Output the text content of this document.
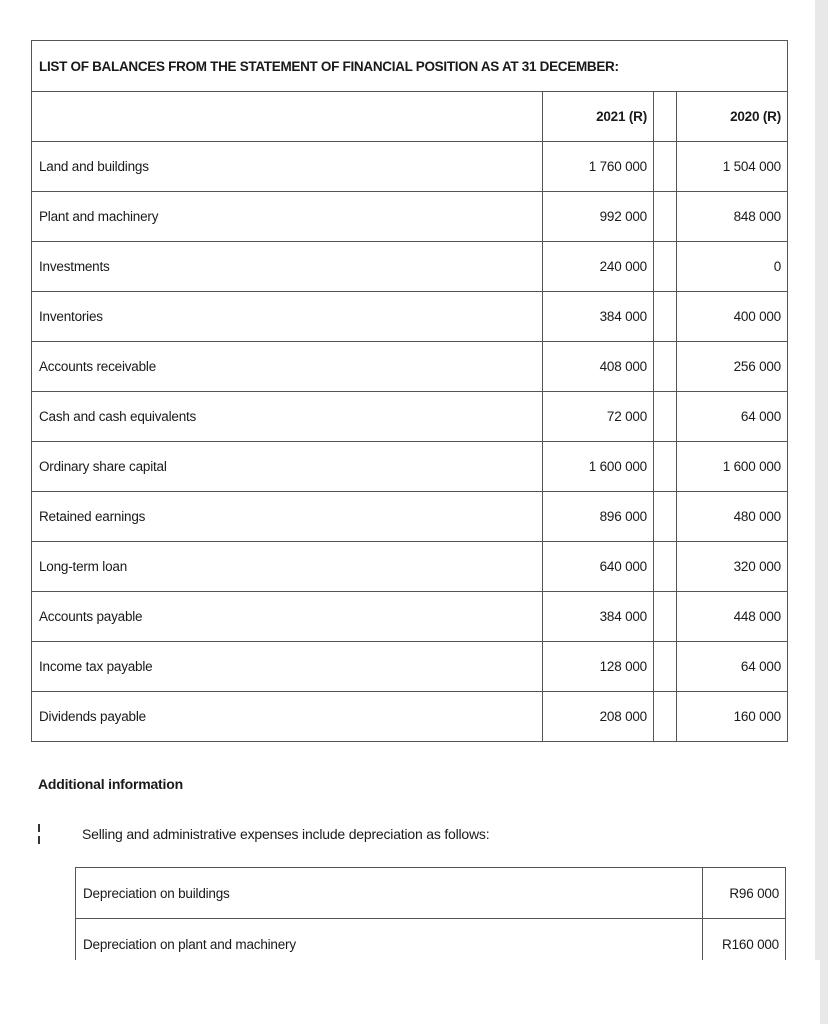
LIST OF BALANCES FROM THE STATEMENT OF FINANCIAL POSITION AS AT 31 DECEMBER:			
	2021 (R)		2020 (R)
Land and buildings	1 760 000		1 504 000
Plant and machinery	992 000		848 000
Investments	240 000		0
Inventories	384 000		400 000
Accounts receivable	408 000		256 000
Cash and cash equivalents	72 000		64 000
Ordinary share capital	1 600 000		1 600 000
Retained earnings	896 000		480 000
Long-term loan	640 000		320 000
Accounts payable	384 000		448 000
Income tax payable	128 000		64 000
Dividends payable	208 000		160 000
Additional information
Selling and administrative expenses include depreciation as follows:
Depreciation on buildings	R96 000
Depreciation on plant and machinery	R160 000
